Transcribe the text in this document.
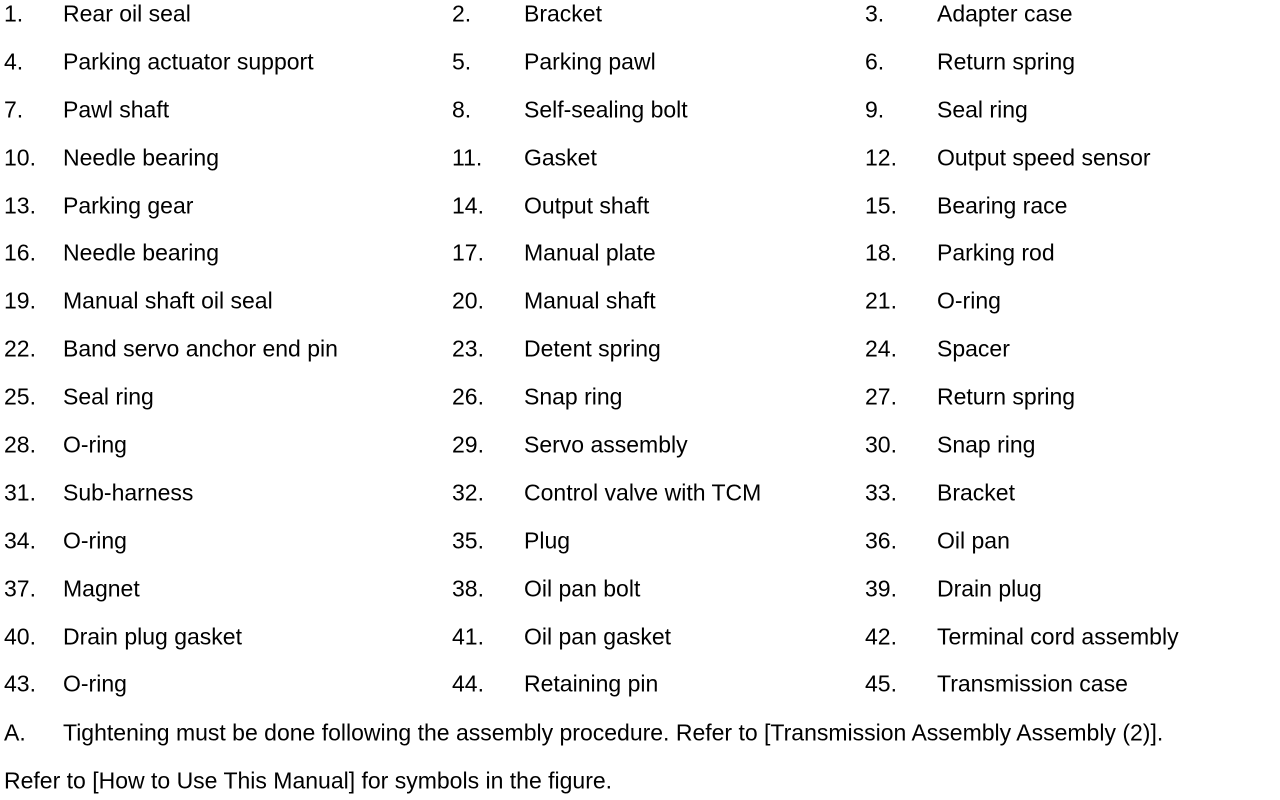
1. Rear oil seal	2. Bracket	3. Adapter case
4. Parking actuator support	5. Parking pawl	6. Return spring
7. Pawl shaft	8. Self-sealing bolt	9. Seal ring
10. Needle bearing	11. Gasket	12. Output speed sensor
13. Parking gear	14. Output shaft	15. Bearing race
16. Needle bearing	17. Manual plate	18. Parking rod
19. Manual shaft oil seal	20. Manual shaft	21. O-ring
22. Band servo anchor end pin	23. Detent spring	24. Spacer
25. Seal ring	26. Snap ring	27. Return spring
28. O-ring	29. Servo assembly	30. Snap ring
31. Sub-harness	32. Control valve with TCM	33. Bracket
34. O-ring	35. Plug	36. Oil pan
37. Magnet	38. Oil pan bolt	39. Drain plug
40. Drain plug gasket	41. Oil pan gasket	42. Terminal cord assembly
43. O-ring	44. Retaining pin	45. Transmission case
A. Tightening must be done following the assembly procedure. Refer to [Transmission Assembly Assembly (2)].
Refer to [How to Use This Manual] for symbols in the figure.
